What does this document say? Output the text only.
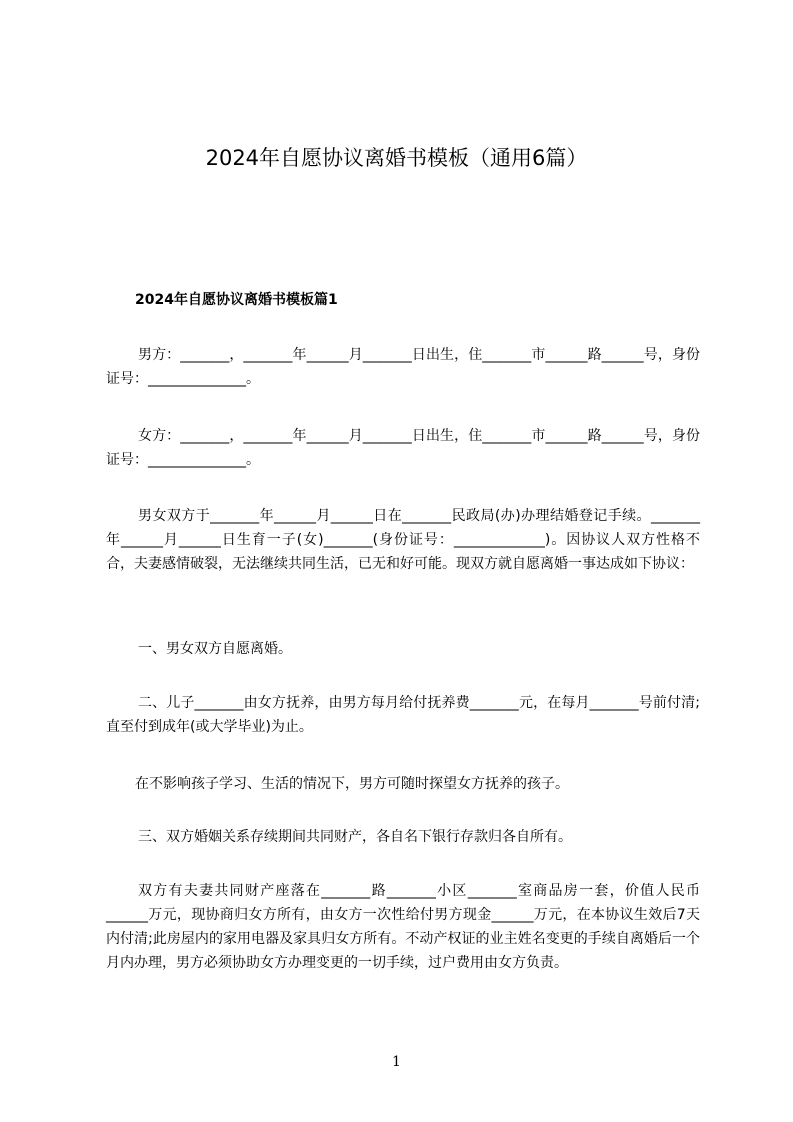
2024年自愿协议离婚书模板（通用6篇）
2024年自愿协议离婚书模板篇1

男方：_______，_______年______月_______日出生，住_______市______路______号，身份证号：______________。

女方：_______，_______年______月_______日出生，住_______市______路______号，身份证号：______________。

男女双方于_______年______月______日在_______民政局(办)办理结婚登记手续。_______年______月______日生育一子(女)_______(身份证号：_____________)。因协议人双方性格不合，夫妻感情破裂，无法继续共同生活，已无和好可能。现双方就自愿离婚一事达成如下协议：

一、男女双方自愿离婚。

二、儿子_______由女方抚养，由男方每月给付抚养费_______元，在每月_______号前付清;直至付到成年(或大学毕业)为止。

在不影响孩子学习、生活的情况下，男方可随时探望女方抚养的孩子。

三、双方婚姻关系存续期间共同财产，各自名下银行存款归各自所有。

双方有夫妻共同财产座落在_______路_______小区_______室商品房一套，价值人民币______万元，现协商归女方所有，由女方一次性给付男方现金______万元，在本协议生效后7天内付清;此房屋内的家用电器及家具归女方所有。不动产权证的业主姓名变更的手续自离婚后一个月内办理，男方必须协助女方办理变更的一切手续，过户费用由女方负责。

1
